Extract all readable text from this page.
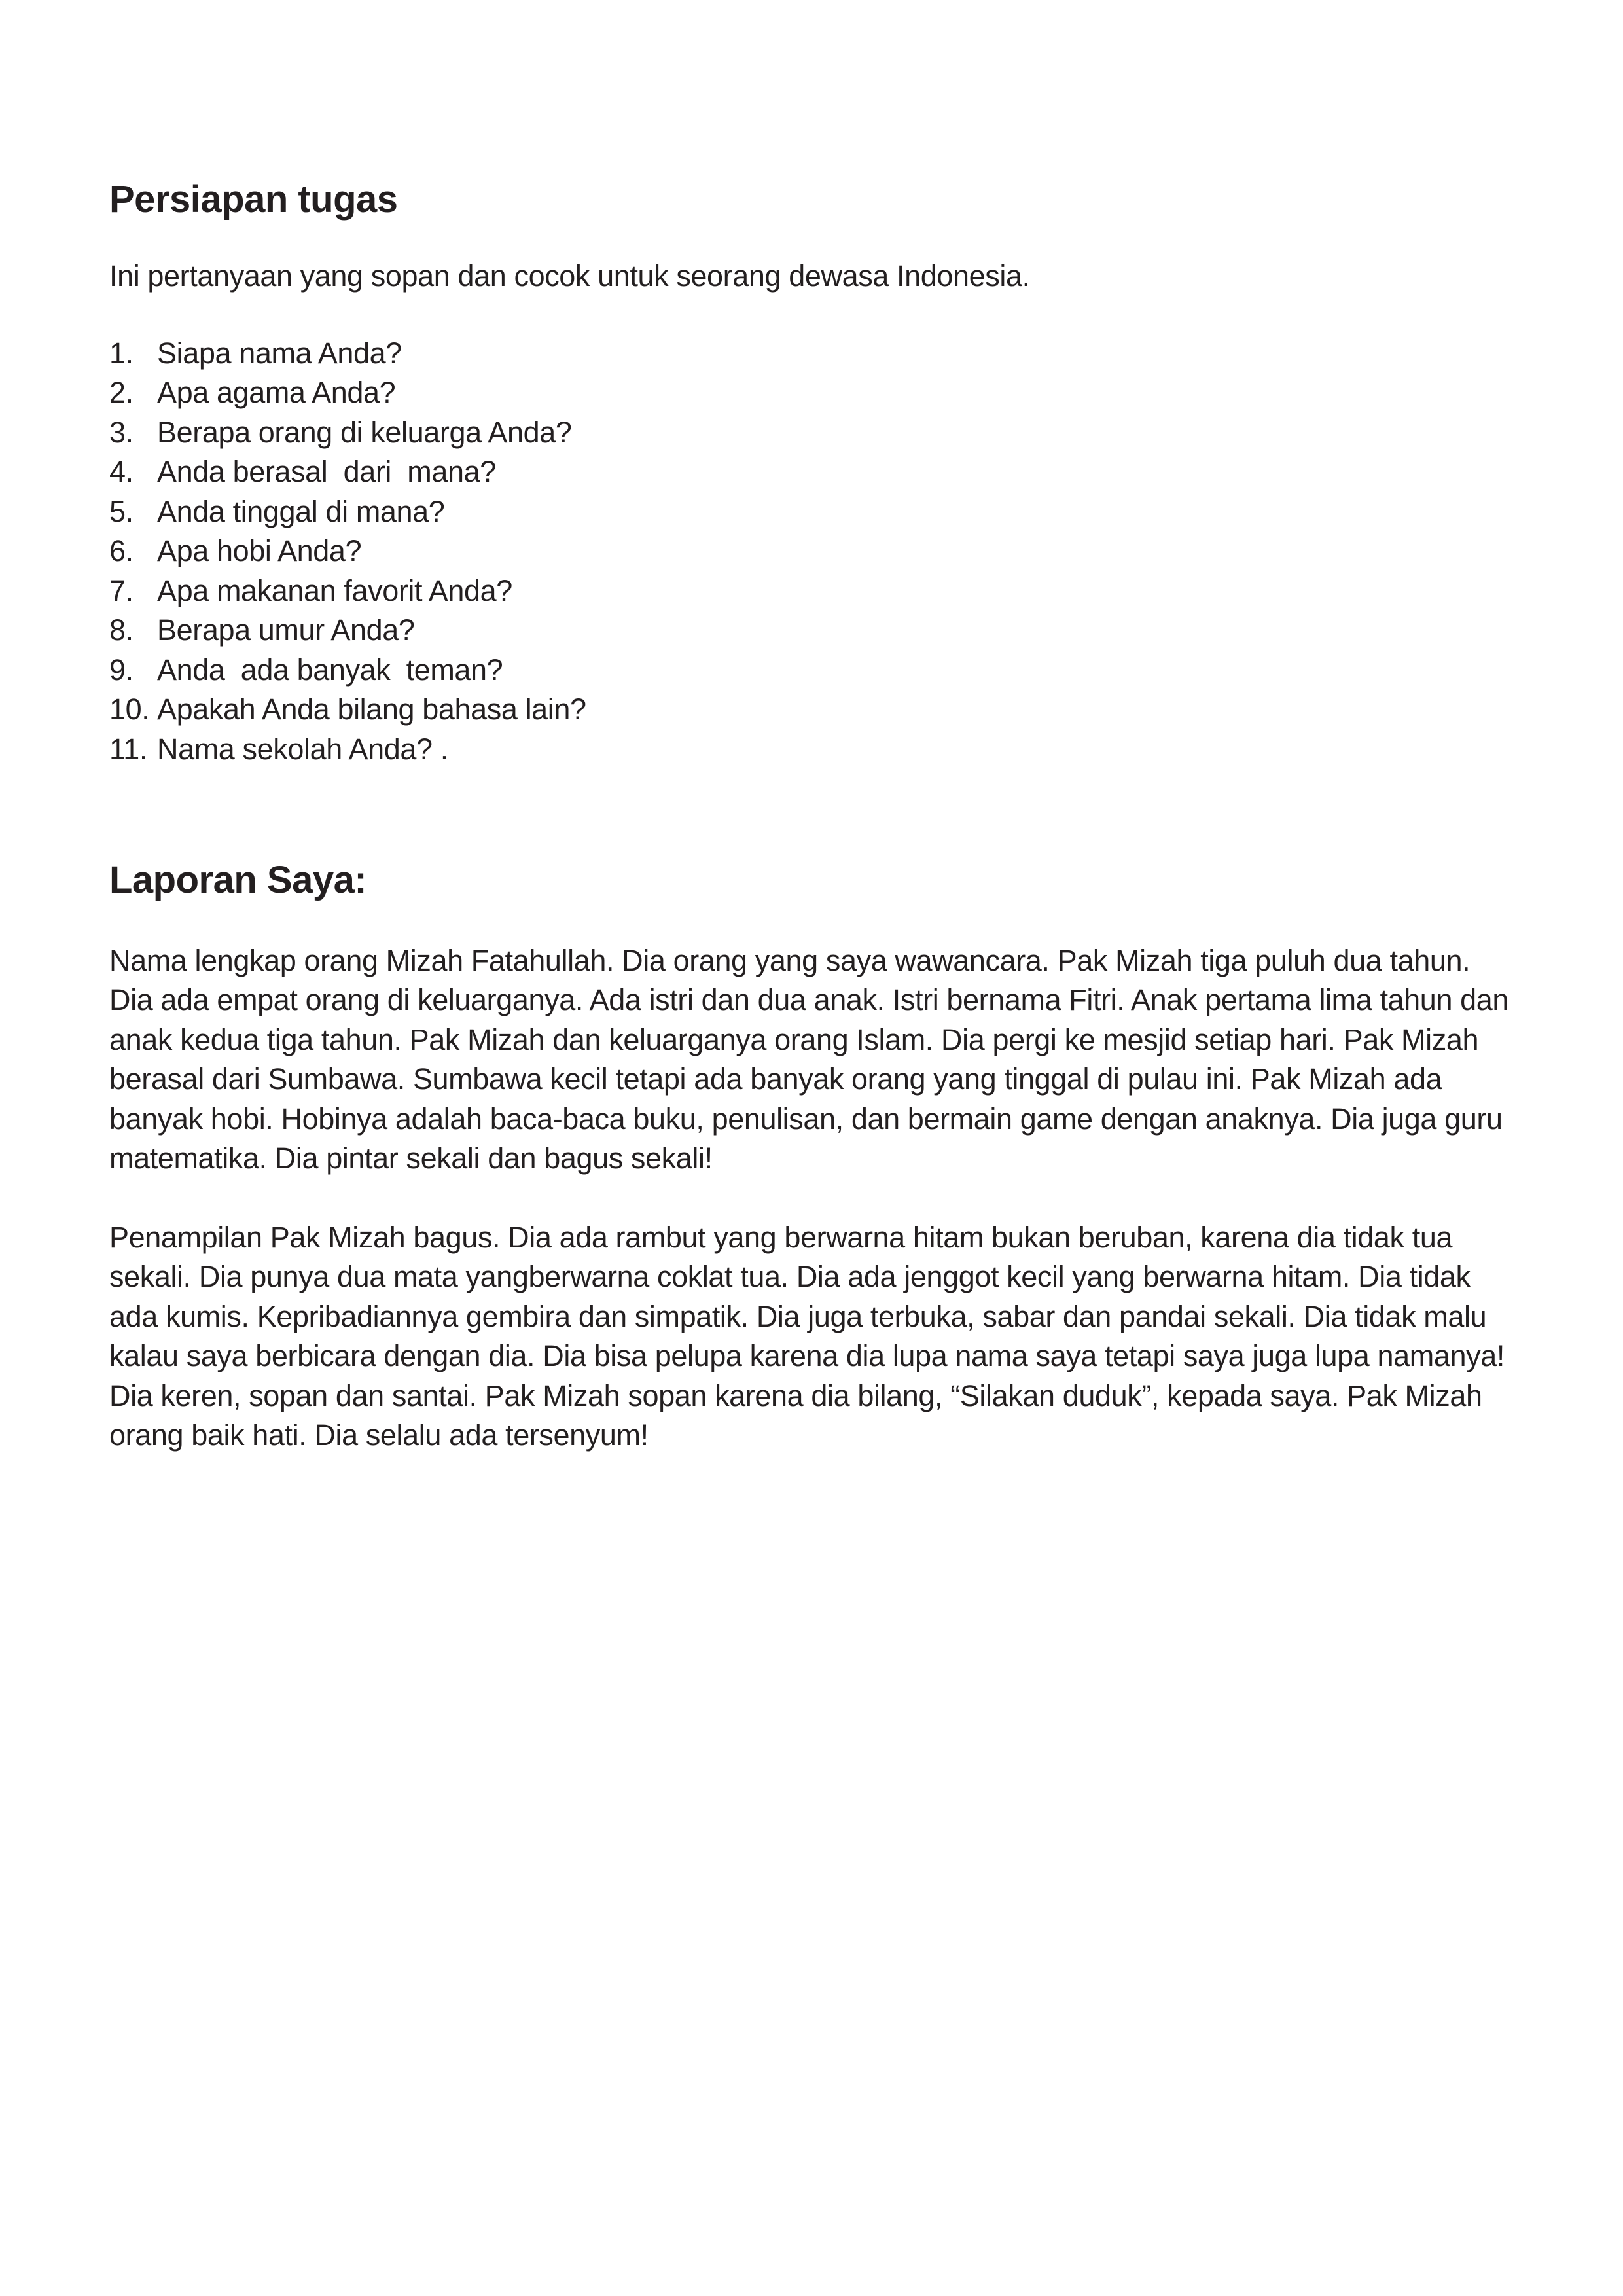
Persiapan tugas

Ini pertanyaan yang sopan dan cocok untuk seorang dewasa Indonesia.

1. Siapa nama Anda?
2. Apa agama Anda?
3. Berapa orang di keluarga Anda?
4. Anda berasal  dari  mana?
5. Anda tinggal di mana?
6. Apa hobi Anda?
7. Apa makanan favorit Anda?
8. Berapa umur Anda?
9. Anda  ada banyak  teman?
10. Apakah Anda bilang bahasa lain?
11. Nama sekolah Anda? .
Laporan Saya:

Nama lengkap orang Mizah Fatahullah. Dia orang yang saya wawancara. Pak Mizah tiga puluh dua tahun. Dia ada empat orang di keluarganya. Ada istri dan dua anak. Istri bernama Fitri. Anak pertama lima tahun dan anak kedua tiga tahun. Pak Mizah dan keluarganya orang Islam. Dia pergi ke mesjid setiap hari. Pak Mizah berasal dari Sumbawa. Sumbawa kecil tetapi ada banyak orang yang tinggal di pulau ini. Pak Mizah ada banyak hobi. Hobinya adalah baca-baca buku, penulisan, dan bermain game dengan anaknya. Dia juga guru matematika. Dia pintar sekali dan bagus sekali!

Penampilan Pak Mizah bagus. Dia ada rambut yang berwarna hitam bukan beruban, karena dia tidak tua sekali. Dia punya dua mata yangberwarna coklat tua. Dia ada jenggot kecil yang berwarna hitam. Dia tidak ada kumis. Kepribadiannya gembira dan simpatik. Dia juga terbuka, sabar dan pandai sekali. Dia tidak malu kalau saya berbicara dengan dia. Dia bisa pelupa karena dia lupa nama saya tetapi saya juga lupa namanya! Dia keren, sopan dan santai. Pak Mizah sopan karena dia bilang, “Silakan duduk”, kepada saya. Pak Mizah orang baik hati. Dia selalu ada tersenyum!
